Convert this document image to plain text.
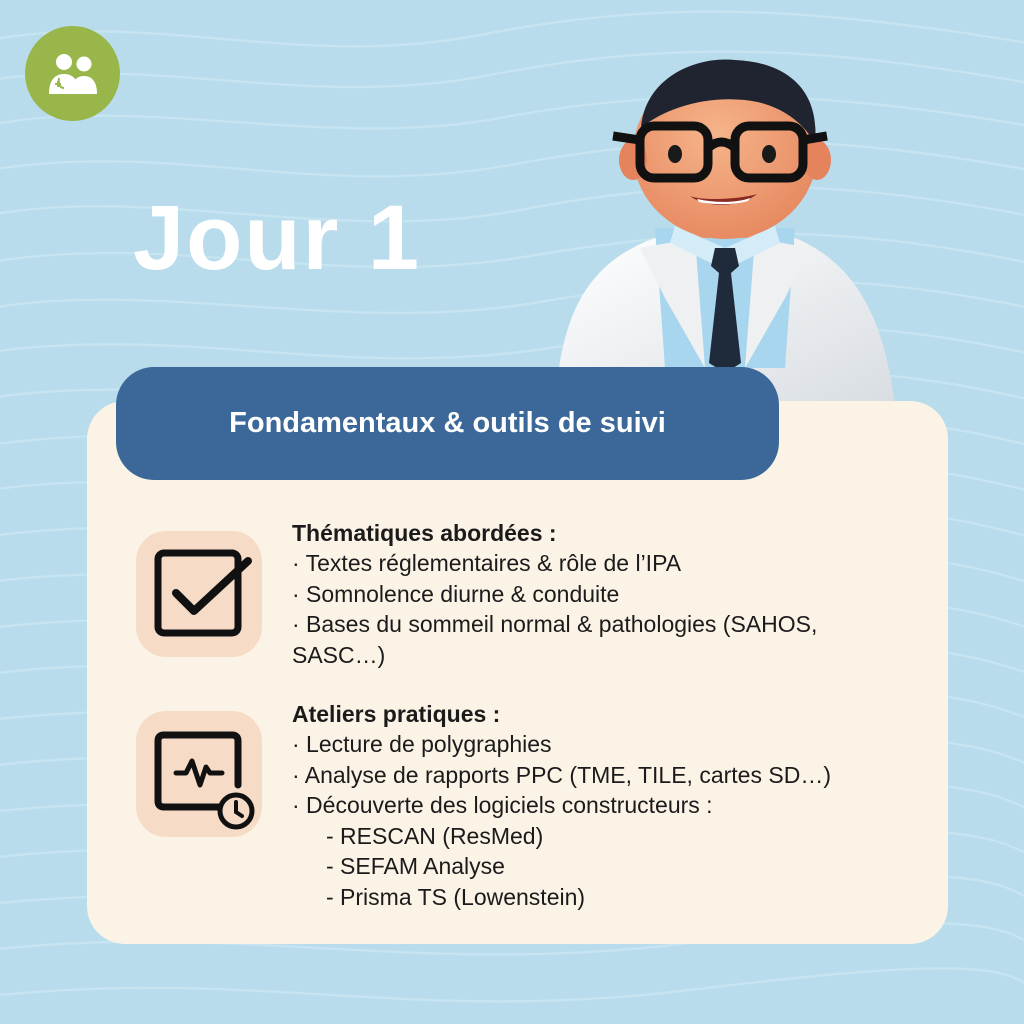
Jour 1
Fondamentaux & outils de suivi
Thématiques abordées :
· Textes réglementaires & rôle de l’IPA
· Somnolence diurne & conduite
· Bases du sommeil normal & pathologies (SAHOS,
SASC…)
Ateliers pratiques :
· Lecture de polygraphies
· Analyse de rapports PPC (TME, TILE, cartes SD…)
· Découverte des logiciels constructeurs :
- RESCAN (ResMed)
- SEFAM Analyse
- Prisma TS (Lowenstein)
